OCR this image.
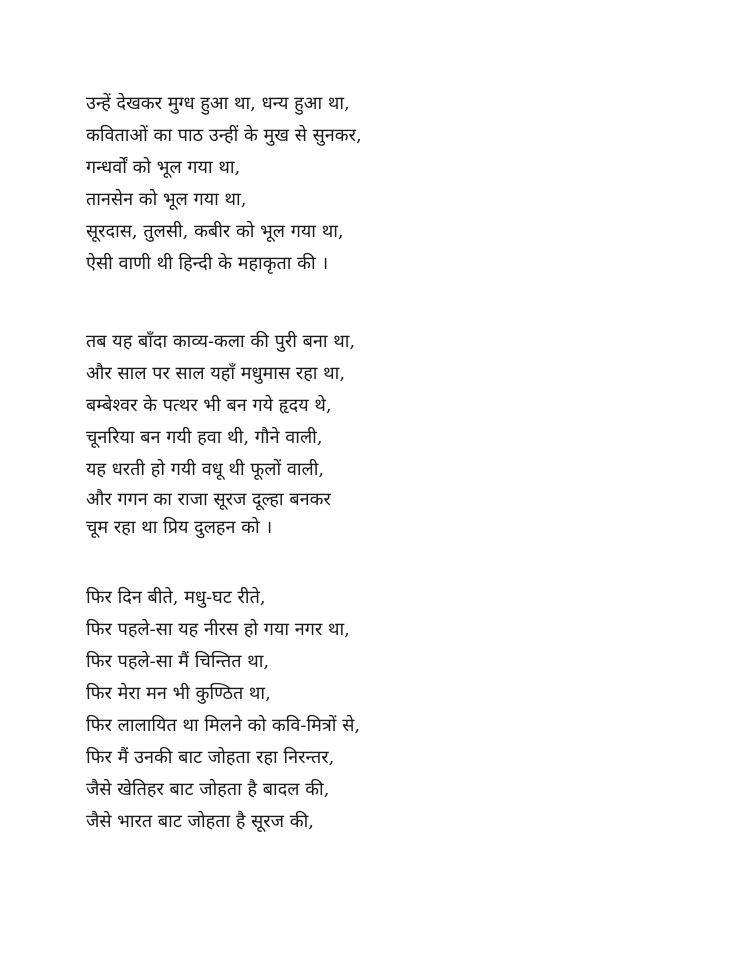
उन्हें देखकर मुग्ध हुआ था, धन्य हुआ था,
कविताओं का पाठ उन्हीं के मुख से सुनकर,
गन्धर्वों को भूल गया था,
तानसेन को भूल गया था,
सूरदास, तुलसी, कबीर को भूल गया था,
ऐसी वाणी थी हिन्दी के महाकृता की ।
तब यह बाँदा काव्य-कला की पुरी बना था,
और साल पर साल यहाँ मधुमास रहा था,
बम्बेश्वर के पत्थर भी बन गये हृदय थे,
चूनरिया बन गयी हवा थी, गौने वाली,
यह धरती हो गयी वधू थी फूलों वाली,
और गगन का राजा सूरज दूल्हा बनकर
चूम रहा था प्रिय दुलहन को ।
फिर दिन बीते, मधु-घट रीते,
फिर पहले-सा यह नीरस हो गया नगर था,
फिर पहले-सा मैं चिन्तित था,
फिर मेरा मन भी कुण्ठित था,
फिर लालायित था मिलने को कवि-मित्रों से,
फिर मैं उनकी बाट जोहता रहा निरन्तर,
जैसे खेतिहर बाट जोहता है बादल की,
जैसे भारत बाट जोहता है सूरज की,
